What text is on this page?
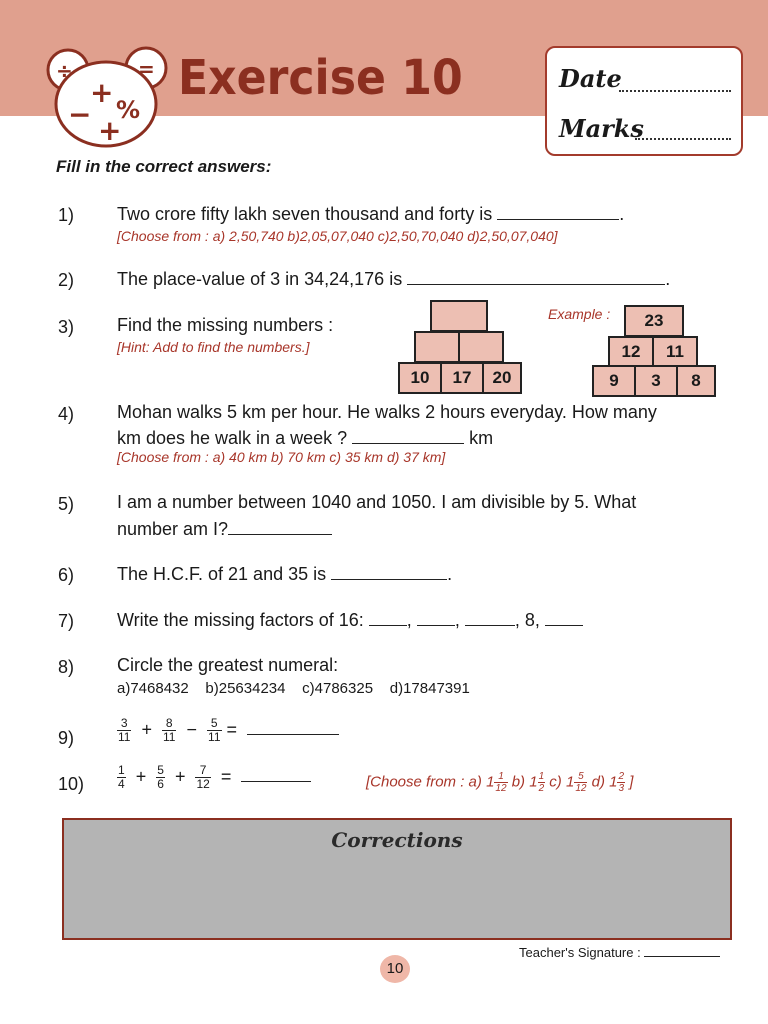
÷	=
+
− %
+
Exercise 10	Date
Marks
Fill in the correct answers:
1) Two crore fifty lakh seven thousand and forty is	.
[Choose from : a) 2,50,740 b)2,05,07,040 c)2,50,70,040 d)2,50,07,040]
2) The place-value of 3 in 34,24,176 is	.
3) Find the missing numbers :
[Hint: Add to find the numbers.]
10	17	20
Example :	23
12	11
9	3	8
4) Mohan walks 5 km per hour. He walks 2 hours everyday. How many
km does he walk in a week ?	km
[Choose from : a) 40 km b) 70 km c) 35 km d) 37 km]
5) I am a number between 1040 and 1050. I am divisible by 5. What
number am I?
6) The H.C.F. of 21 and 35 is	.
7) Write the missing factors of 16: , ,	, 8,
8) Circle the greatest numeral:
a)7468432 b)25634234 c)4786325 d)17847391
9)	$\frac{3}{11} + \frac{8}{11} - \frac{5}{11}$ =
10)	$\frac{1}{4} + \frac{5}{6} + \frac{7}{12}$ =	[Choose from : a) $1 \frac{1}{12} b$) $1 \frac{1}{2} c$) $1 \frac{5}{12} d$) $1 \frac{2}{3}$ ]
Corrections
Teacher's Signature :
10
